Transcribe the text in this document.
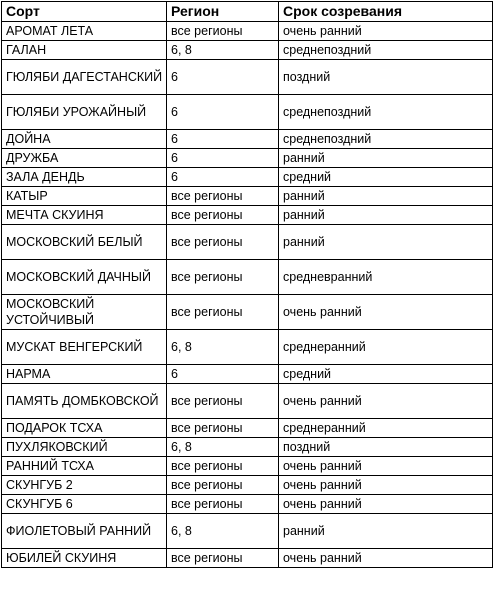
Сорт	Регион	Срок созревания
АРОМАТ ЛЕТА	все регионы	очень ранний
ГАЛАН	6, 8	среднепоздний
ГЮЛЯБИ ДАГЕСТАНСКИЙ	6	поздний
ГЮЛЯБИ УРОЖАЙНЫЙ	6	среднепоздний
ДОЙНА	6	среднепоздний
ДРУЖБА	6	ранний
ЗАЛА ДЕНДЬ	6	средний
КАТЫР	все регионы	ранний
МЕЧТА СКУИНЯ	все регионы	ранний
МОСКОВСКИЙ БЕЛЫЙ	все регионы	ранний
МОСКОВСКИЙ ДАЧНЫЙ	все регионы	средневранний
МОСКОВСКИЙ УСТОЙЧИВЫЙ	все регионы	очень ранний
МУСКАТ ВЕНГЕРСКИЙ	6, 8	среднеранний
НАРМА	6	средний
ПАМЯТЬ ДОМБКОВСКОЙ	все регионы	очень ранний
ПОДАРОК ТСХА	все регионы	среднеранний
ПУХЛЯКОВСКИЙ	6, 8	поздний
РАННИЙ ТСХА	все регионы	очень ранний
СКУНГУБ 2	все регионы	очень ранний
СКУНГУБ 6	все регионы	очень ранний
ФИОЛЕТОВЫЙ РАННИЙ	6, 8	ранний
ЮБИЛЕЙ СКУИНЯ	все регионы	очень ранний
